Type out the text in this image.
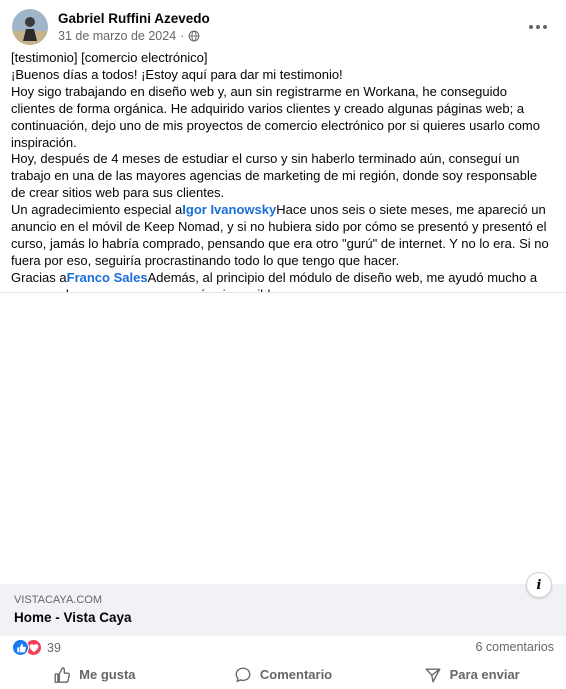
Gabriel Ruffini Azevedo
31 de marzo de 2024 ·

[testimonio] [comercio electrónico]

¡Buenos días a todos! ¡Estoy aquí para dar mi testimonio!

Hoy sigo trabajando en diseño web y, aun sin registrarme en Workana, he conseguido clientes de forma orgánica. He adquirido varios clientes y creado algunas páginas web; a continuación, dejo uno de mis proyectos de comercio electrónico por si quieres usarlo como inspiración.

Hoy, después de 4 meses de estudiar el curso y sin haberlo terminado aún, conseguí un trabajo en una de las mayores agencias de marketing de mi región, donde soy responsable de crear sitios web para sus clientes.

Un agradecimiento especial aIgor IvanowskyHace unos seis o siete meses, me apareció un anuncio en el móvil de Keep Nomad, y si no hubiera sido por cómo se presentó y presentó el curso, jamás lo habría comprado, pensando que era otro "gurú" de internet. Y no lo era. Si no fuera por eso, seguiría procrastinando todo lo que tengo que hacer.

Gracias aFranco SalesAdemás, al principio del módulo de diseño web, me ayudó mucho a

VISTACAYA.COM
Home - Vista Caya
i
39	6 comentarios
Me gusta	Comentario	Para enviar
